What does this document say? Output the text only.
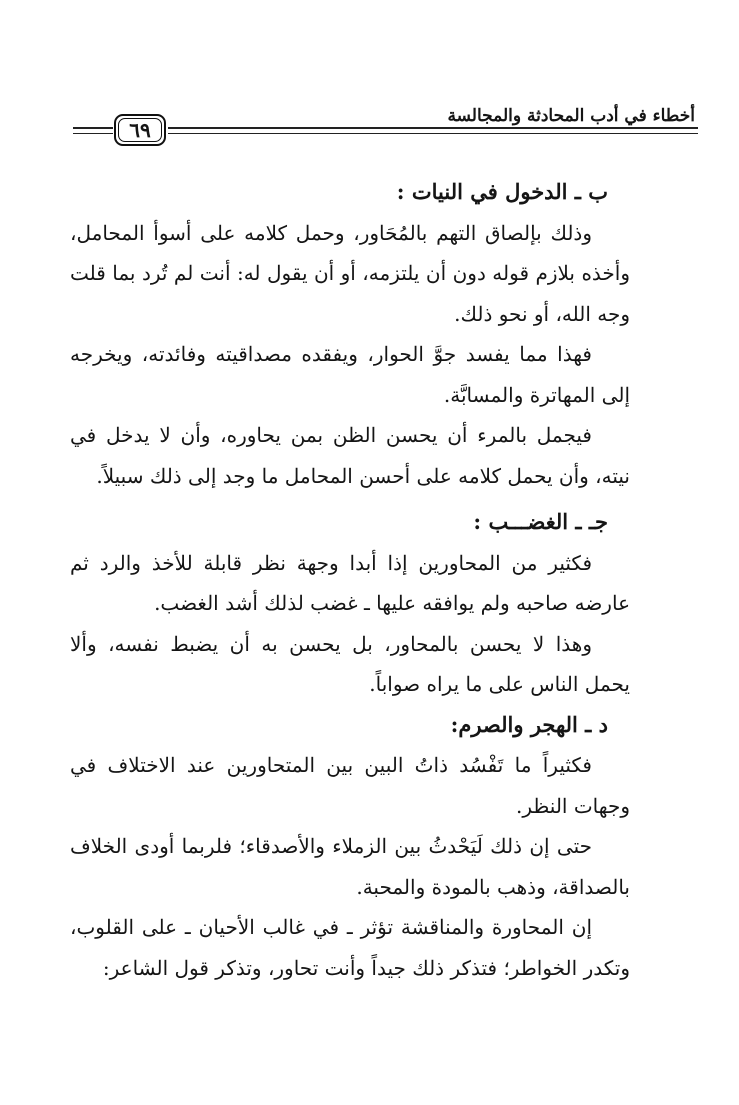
أخطاء في أدب المحادثة والمجالسة
٦٩

ب ـ الدخول في النيات :

وذلك بإلصاق التهم بالمُحَاور، وحمل كلامه على أسوأ المحامل، وأخذه بلازم قوله دون أن يلتزمه، أو أن يقول له: أنت لم تُرد بما قلت وجه الله، أو نحو ذلك.

فهذا مما يفسد جوَّ الحوار، ويفقده مصداقيته وفائدته، ويخرجه إلى المهاترة والمسابَّة.

فيجمل بالمرء أن يحسن الظن بمن يحاوره، وأن لا يدخل في نيته، وأن يحمل كلامه على أحسن المحامل ما وجد إلى ذلك سبيلاً.

جـ ـ الغضـــب :

فكثير من المحاورين إذا أبدا وجهة نظر قابلة للأخذ والرد ثم عارضه صاحبه ولم يوافقه عليها ـ غضب لذلك أشد الغضب.

وهذا لا يحسن بالمحاور، بل يحسن به أن يضبط نفسه، وألا يحمل الناس على ما يراه صواباً.

د ـ الهجر والصرم:

فكثيراً ما تَفْسُد ذاتُ البين بين المتحاورين عند الاختلاف في وجهات النظر.

حتى إن ذلك لَيَحْدثُ بين الزملاء والأصدقاء؛ فلربما أودى الخلاف بالصداقة، وذهب بالمودة والمحبة.

إن المحاورة والمناقشة تؤثر ـ في غالب الأحيان ـ على القلوب، وتكدر الخواطر؛ فتذكر ذلك جيداً وأنت تحاور، وتذكر قول الشاعر:
